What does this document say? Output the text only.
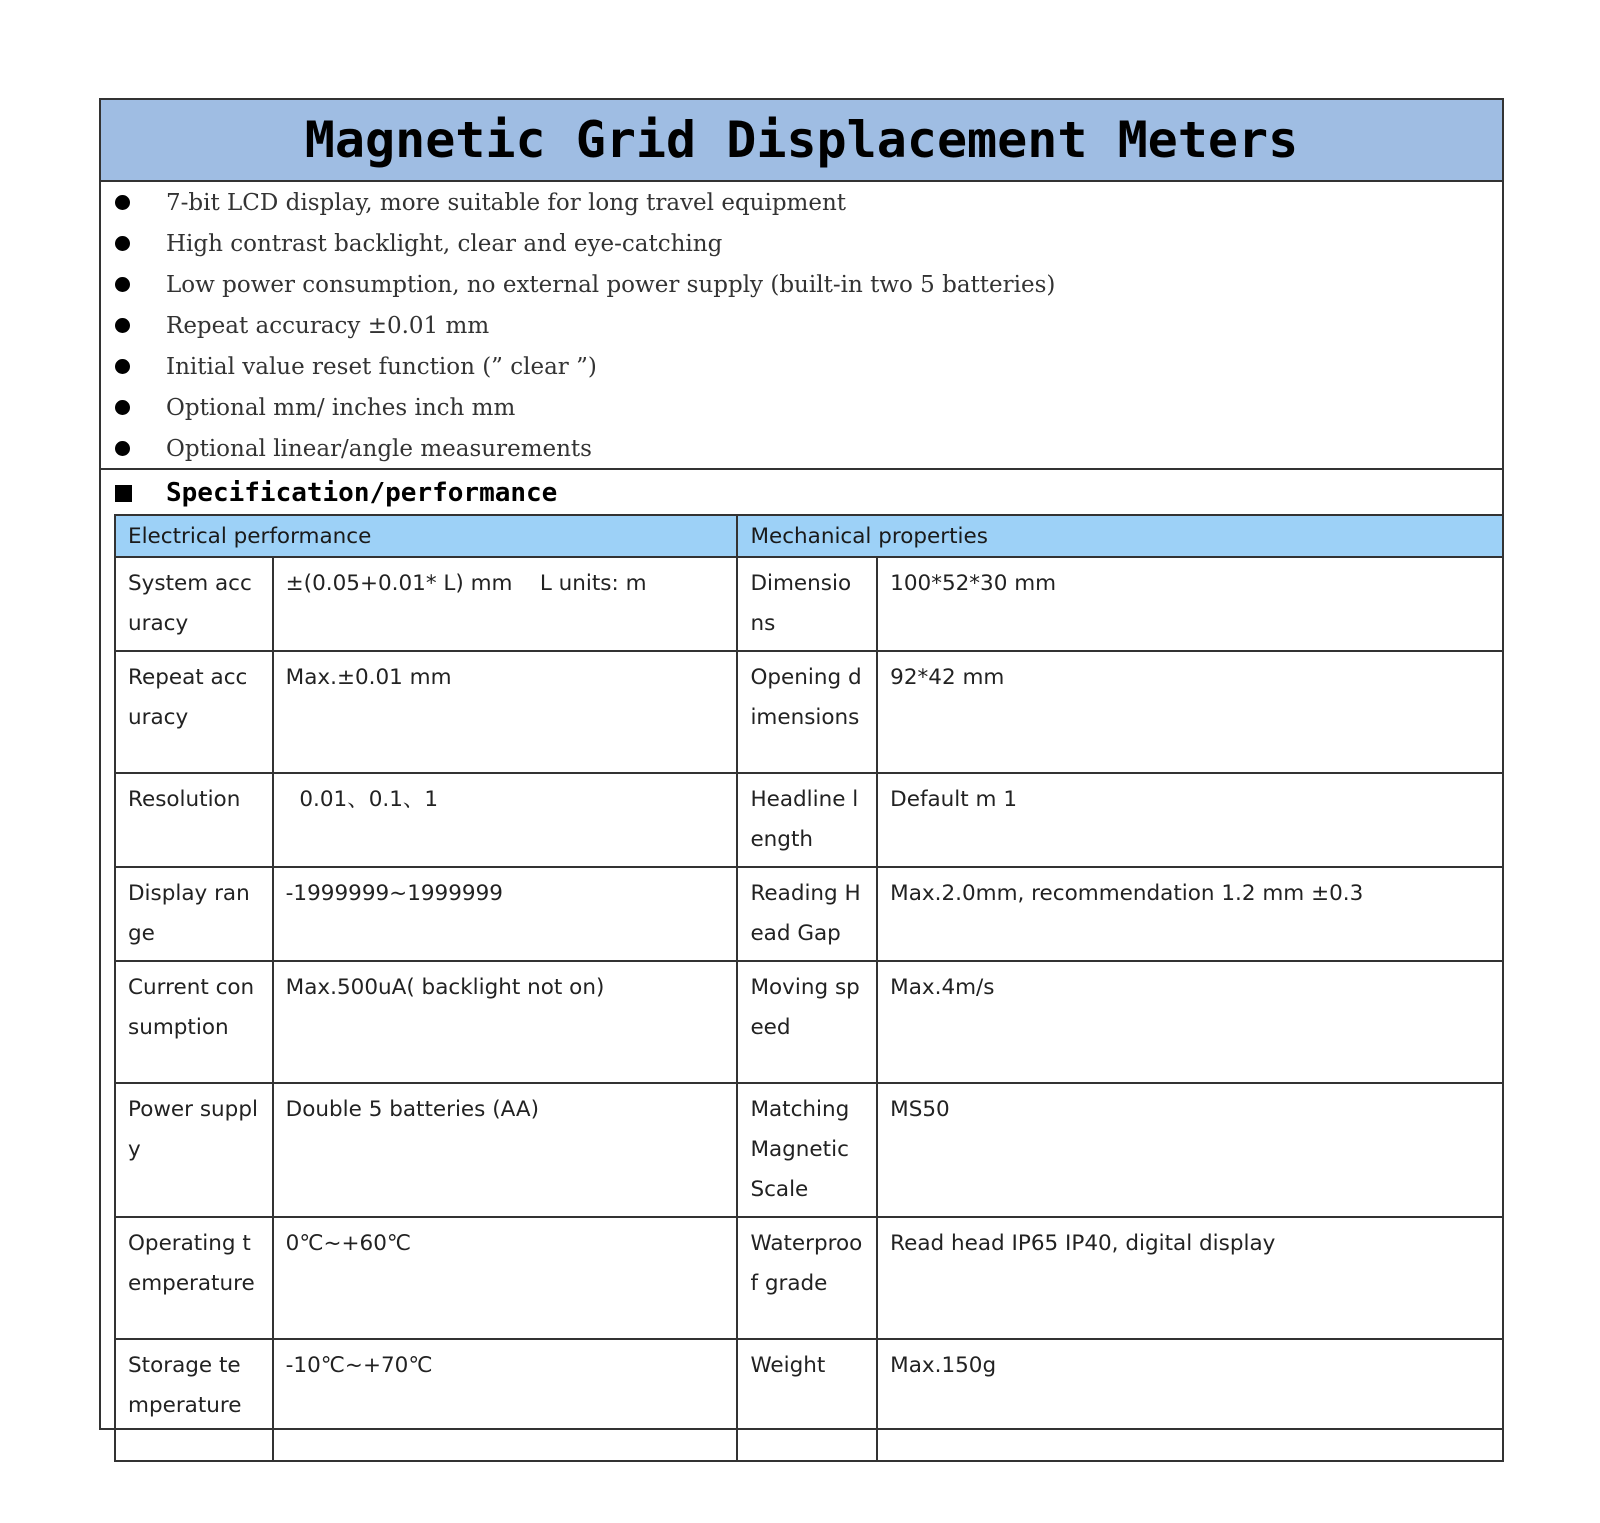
Magnetic Grid Displacement Meters
7-bit LCD display, more suitable for long travel equipment
High contrast backlight, clear and eye-catching
Low power consumption, no external power supply (built-in two 5 batteries)
Repeat accuracy ±0.01 mm
Initial value reset function (” clear ”)
Optional mm/ inches inch mm
Optional linear/angle measurements
Specification/performance
Electrical performance		Mechanical properties	
System accuracy	±(0.05+0.01* L) mm    L units: m	Dimensions	100*52*30 mm
Repeat accuracy	Max.±0.01 mm	Opening dimensions	92*42 mm
Resolution	0.01、0.1、1	Headline length	Default m 1
Display range	-1999999~1999999	Reading Head Gap	Max.2.0mm, recommendation 1.2 mm ±0.3
Current consumption	Max.500uA( backlight not on)	Moving speed	Max.4m/s
Power supply	Double 5 batteries (AA)	Matching Magnetic Scale	MS50
Operating temperature	0℃~+60℃	Waterproof grade	Read head IP65 IP40, digital display
Storage temperature	-10℃~+70℃	Weight	Max.150g
